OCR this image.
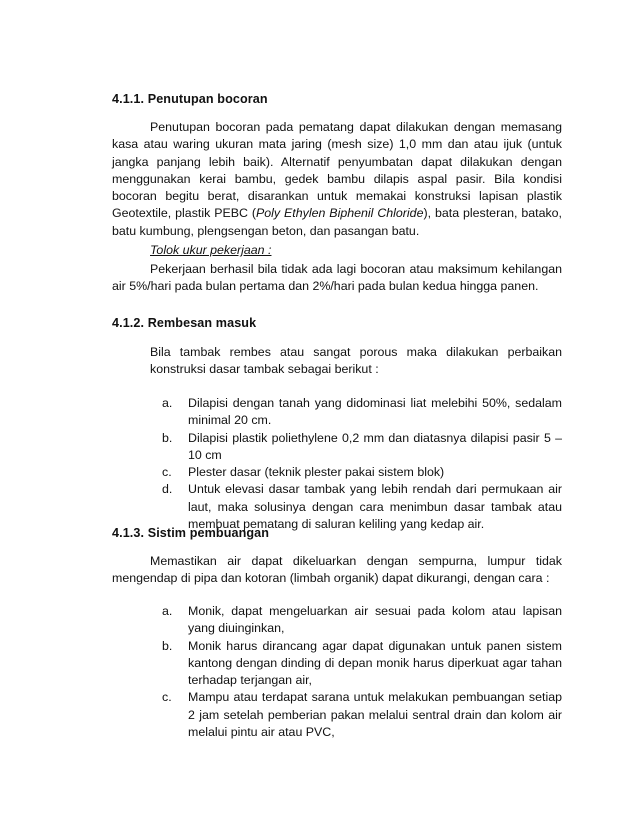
4.1.1. Penutupan bocoran
Penutupan bocoran pada pematang dapat dilakukan dengan memasang kasa atau waring ukuran mata jaring (mesh size) 1,0 mm dan atau ijuk (untuk jangka panjang lebih baik). Alternatif penyumbatan dapat dilakukan dengan menggunakan kerai bambu, gedek bambu dilapis aspal pasir. Bila kondisi bocoran begitu berat, disarankan untuk memakai konstruksi lapisan plastik Geotextile, plastik PEBC (Poly Ethylen Biphenil Chloride), bata plesteran, batako, batu kumbung, plengsengan beton, dan pasangan batu.
Tolok ukur pekerjaan :
Pekerjaan berhasil bila tidak ada lagi bocoran atau maksimum kehilangan air 5%/hari pada bulan pertama dan 2%/hari pada bulan kedua hingga panen.
4.1.2. Rembesan masuk
Bila tambak rembes atau sangat porous maka dilakukan perbaikan konstruksi dasar tambak sebagai berikut :
a.	Dilapisi dengan tanah yang didominasi liat melebihi 50%, sedalam minimal 20 cm.
b.	Dilapisi plastik poliethylene 0,2 mm dan diatasnya dilapisi pasir 5 – 10 cm
c.	Plester dasar (teknik plester pakai sistem blok)
d.	Untuk elevasi dasar tambak yang lebih rendah dari permukaan air laut, maka solusinya dengan cara menimbun dasar tambak atau membuat pematang di saluran keliling yang kedap air.
4.1.3. Sistim pembuangan
Memastikan air dapat dikeluarkan dengan sempurna, lumpur tidak mengendap di pipa dan kotoran (limbah organik) dapat dikurangi, dengan cara :
a.	Monik, dapat mengeluarkan air sesuai pada kolom atau lapisan yang diuinginkan,
b.	Monik harus dirancang agar dapat digunakan untuk panen sistem kantong dengan dinding di depan monik harus diperkuat agar tahan terhadap terjangan air,
c.	Mampu atau terdapat sarana untuk melakukan pembuangan setiap 2 jam setelah pemberian pakan melalui sentral drain dan kolom air melalui pintu air atau PVC,
